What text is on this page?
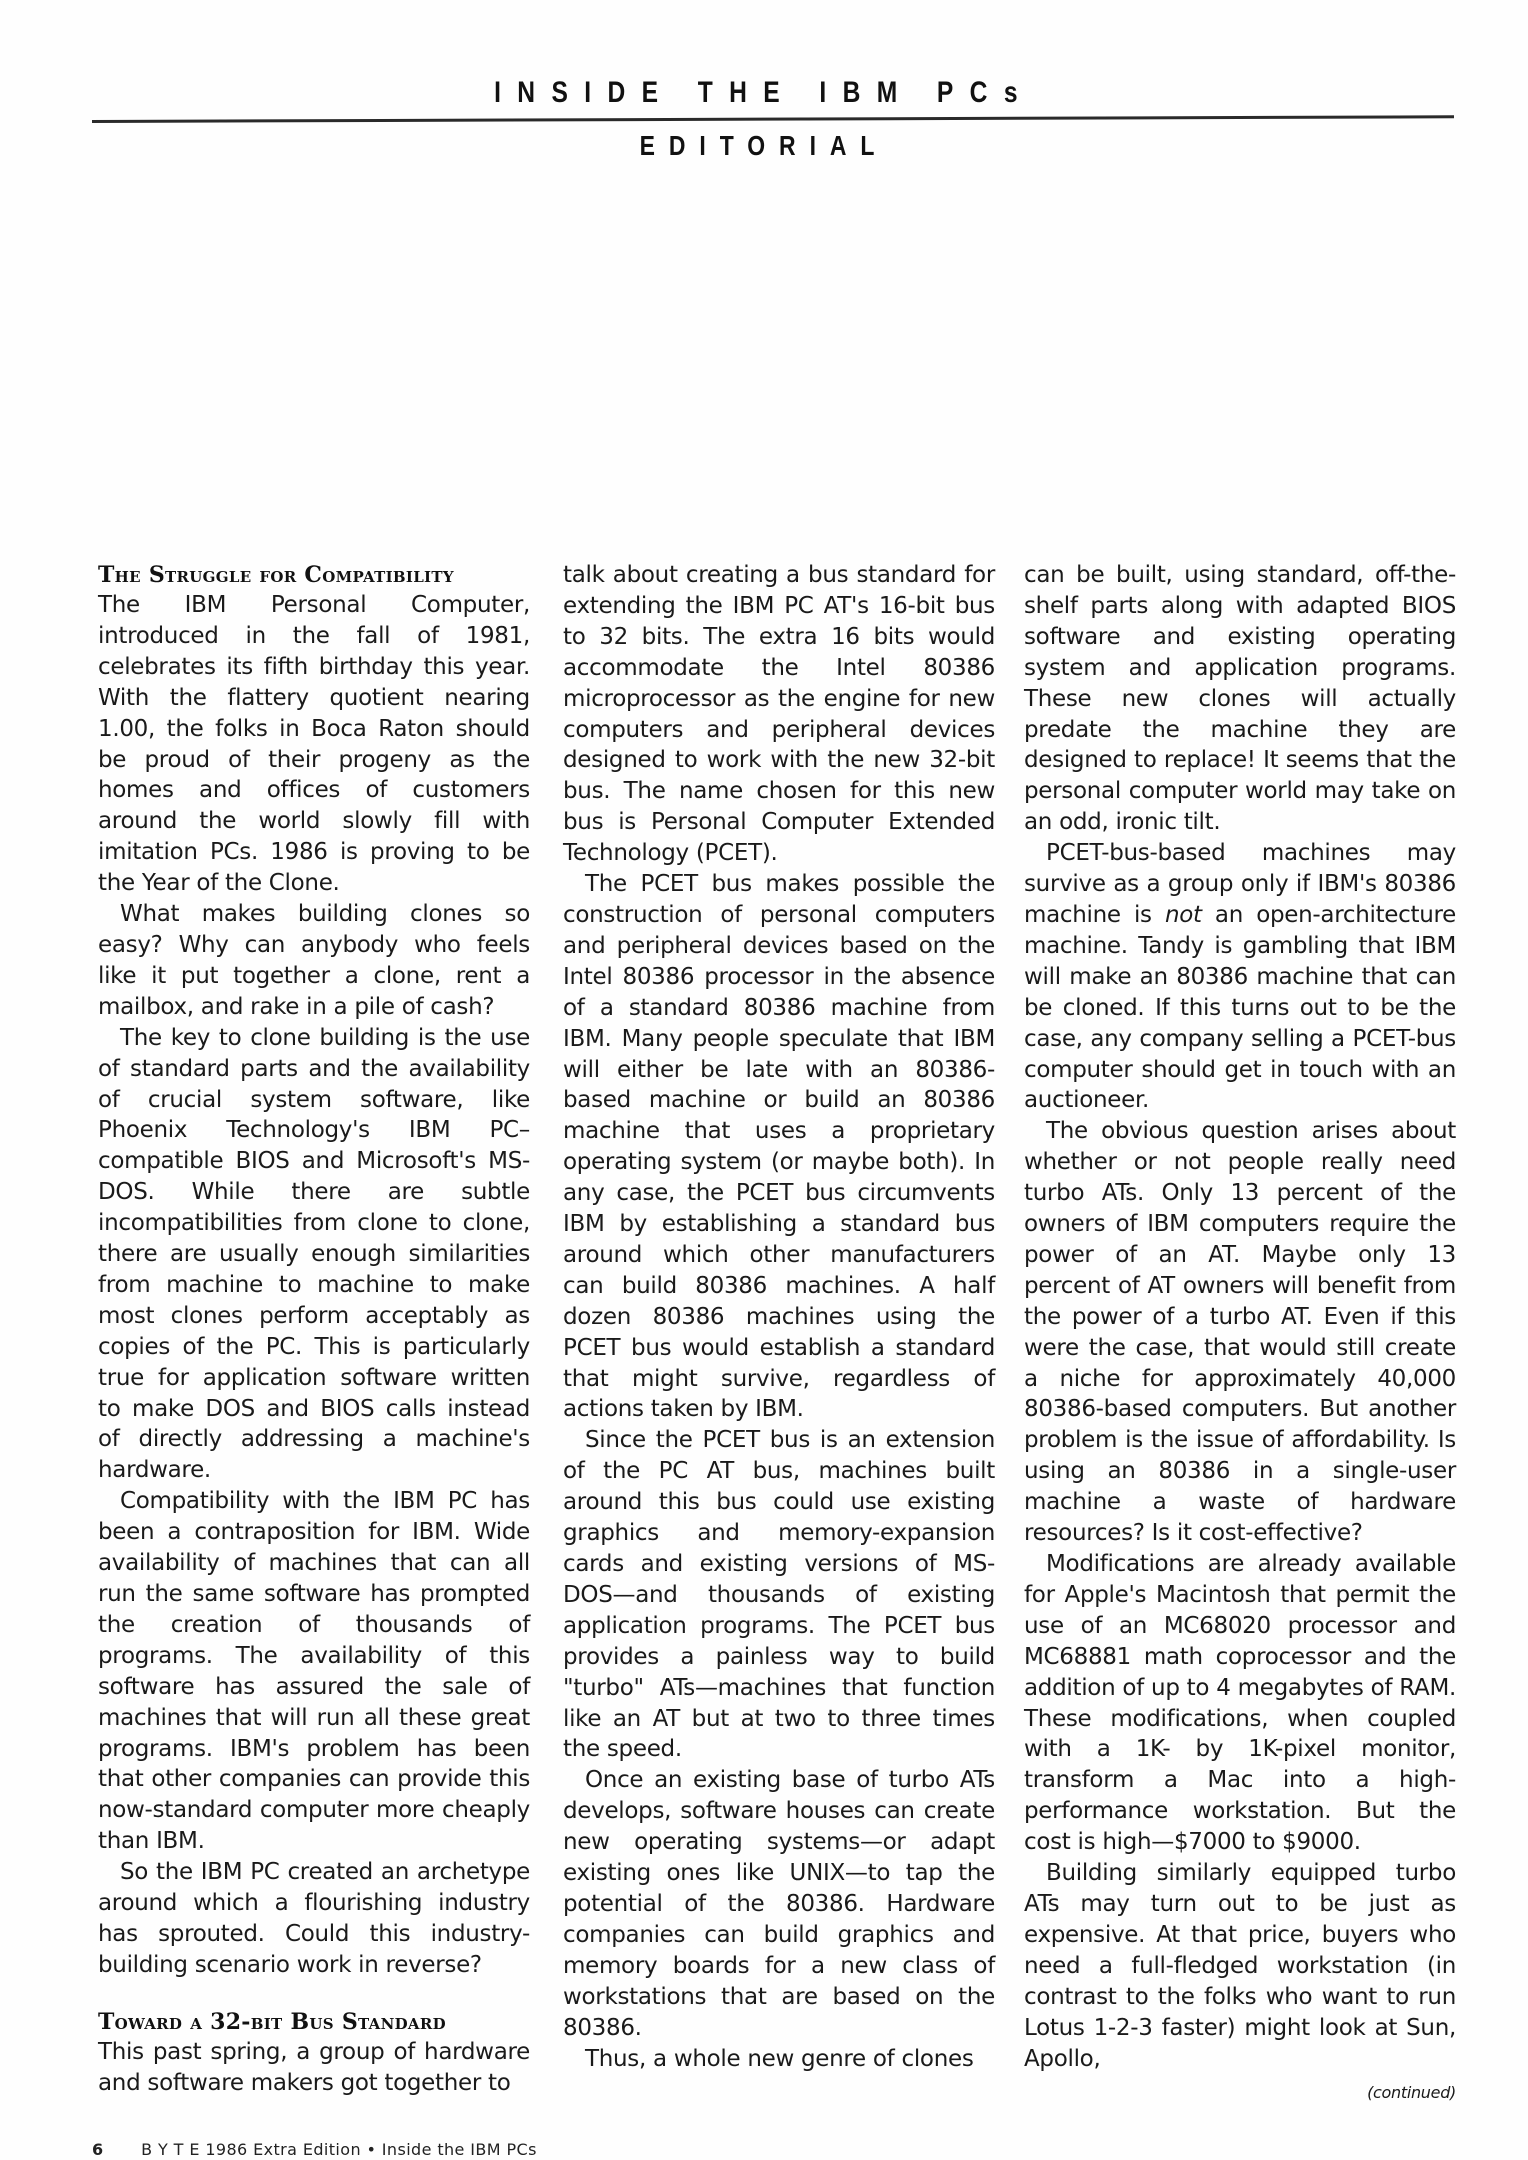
INSIDE THE IBM PCs
EDITORIAL
The Struggle for Compatibility

The IBM Personal Computer, introduced in the fall of 1981, celebrates its fifth birthday this year. With the flattery quotient nearing 1.00, the folks in Boca Raton should be proud of their progeny as the homes and offices of customers around the world slowly fill with imitation PCs. 1986 is proving to be the Year of the Clone.

What makes building clones so easy? Why can anybody who feels like it put together a clone, rent a mailbox, and rake in a pile of cash?

The key to clone building is the use of standard parts and the availability of crucial system software, like Phoenix Technology's IBM PC–compatible BIOS and Microsoft's MS-DOS. While there are subtle incompatibilities from clone to clone, there are usually enough similarities from machine to machine to make most clones perform acceptably as copies of the PC. This is particularly true for application software written to make DOS and BIOS calls instead of directly addressing a machine's hardware.

Compatibility with the IBM PC has been a contraposition for IBM. Wide availability of machines that can all run the same software has prompted the creation of thousands of programs. The availability of this software has assured the sale of machines that will run all these great programs. IBM's problem has been that other companies can provide this now-standard computer more cheaply than IBM.

So the IBM PC created an archetype around which a flourishing industry has sprouted. Could this industry-building scenario work in reverse?

Toward a 32-bit Bus Standard

This past spring, a group of hardware and software makers got together to

talk about creating a bus standard for extending the IBM PC AT's 16-bit bus to 32 bits. The extra 16 bits would accommodate the Intel 80386 microprocessor as the engine for new computers and peripheral devices designed to work with the new 32-bit bus. The name chosen for this new bus is Personal Computer Extended Technology (PCET).

The PCET bus makes possible the construction of personal computers and peripheral devices based on the Intel 80386 processor in the absence of a standard 80386 machine from IBM. Many people speculate that IBM will either be late with an 80386-based machine or build an 80386 machine that uses a proprietary operating system (or maybe both). In any case, the PCET bus circumvents IBM by establishing a standard bus around which other manufacturers can build 80386 machines. A half dozen 80386 machines using the PCET bus would establish a standard that might survive, regardless of actions taken by IBM.

Since the PCET bus is an extension of the PC AT bus, machines built around this bus could use existing graphics and memory-expansion cards and existing versions of MS-DOS—and thousands of existing application programs. The PCET bus provides a painless way to build "turbo" ATs—machines that function like an AT but at two to three times the speed.

Once an existing base of turbo ATs develops, software houses can create new operating systems—or adapt existing ones like UNIX—to tap the potential of the 80386. Hardware companies can build graphics and memory boards for a new class of workstations that are based on the 80386.

Thus, a whole new genre of clones

can be built, using standard, off-the-shelf parts along with adapted BIOS software and existing operating system and application programs. These new clones will actually predate the machine they are designed to replace! It seems that the personal computer world may take on an odd, ironic tilt.

PCET-bus-based machines may survive as a group only if IBM's 80386 machine is not an open-architecture machine. Tandy is gambling that IBM will make an 80386 machine that can be cloned. If this turns out to be the case, any company selling a PCET-bus computer should get in touch with an auctioneer.

The obvious question arises about whether or not people really need turbo ATs. Only 13 percent of the owners of IBM computers require the power of an AT. Maybe only 13 percent of AT owners will benefit from the power of a turbo AT. Even if this were the case, that would still create a niche for approximately 40,000 80386-based computers. But another problem is the issue of affordability. Is using an 80386 in a single-user machine a waste of hardware resources? Is it cost-effective?

Modifications are already available for Apple's Macintosh that permit the use of an MC68020 processor and MC68881 math coprocessor and the addition of up to 4 megabytes of RAM. These modifications, when coupled with a 1K- by 1K-pixel monitor, transform a Mac into a high-performance workstation. But the cost is high—$7000 to $9000.

Building similarly equipped turbo ATs may turn out to be just as expensive. At that price, buyers who need a full-fledged workstation (in contrast to the folks who want to run Lotus 1-2-3 faster) might look at Sun, Apollo,

(continued)
6 B Y T E 1986 Extra Edition • Inside the IBM PCs
